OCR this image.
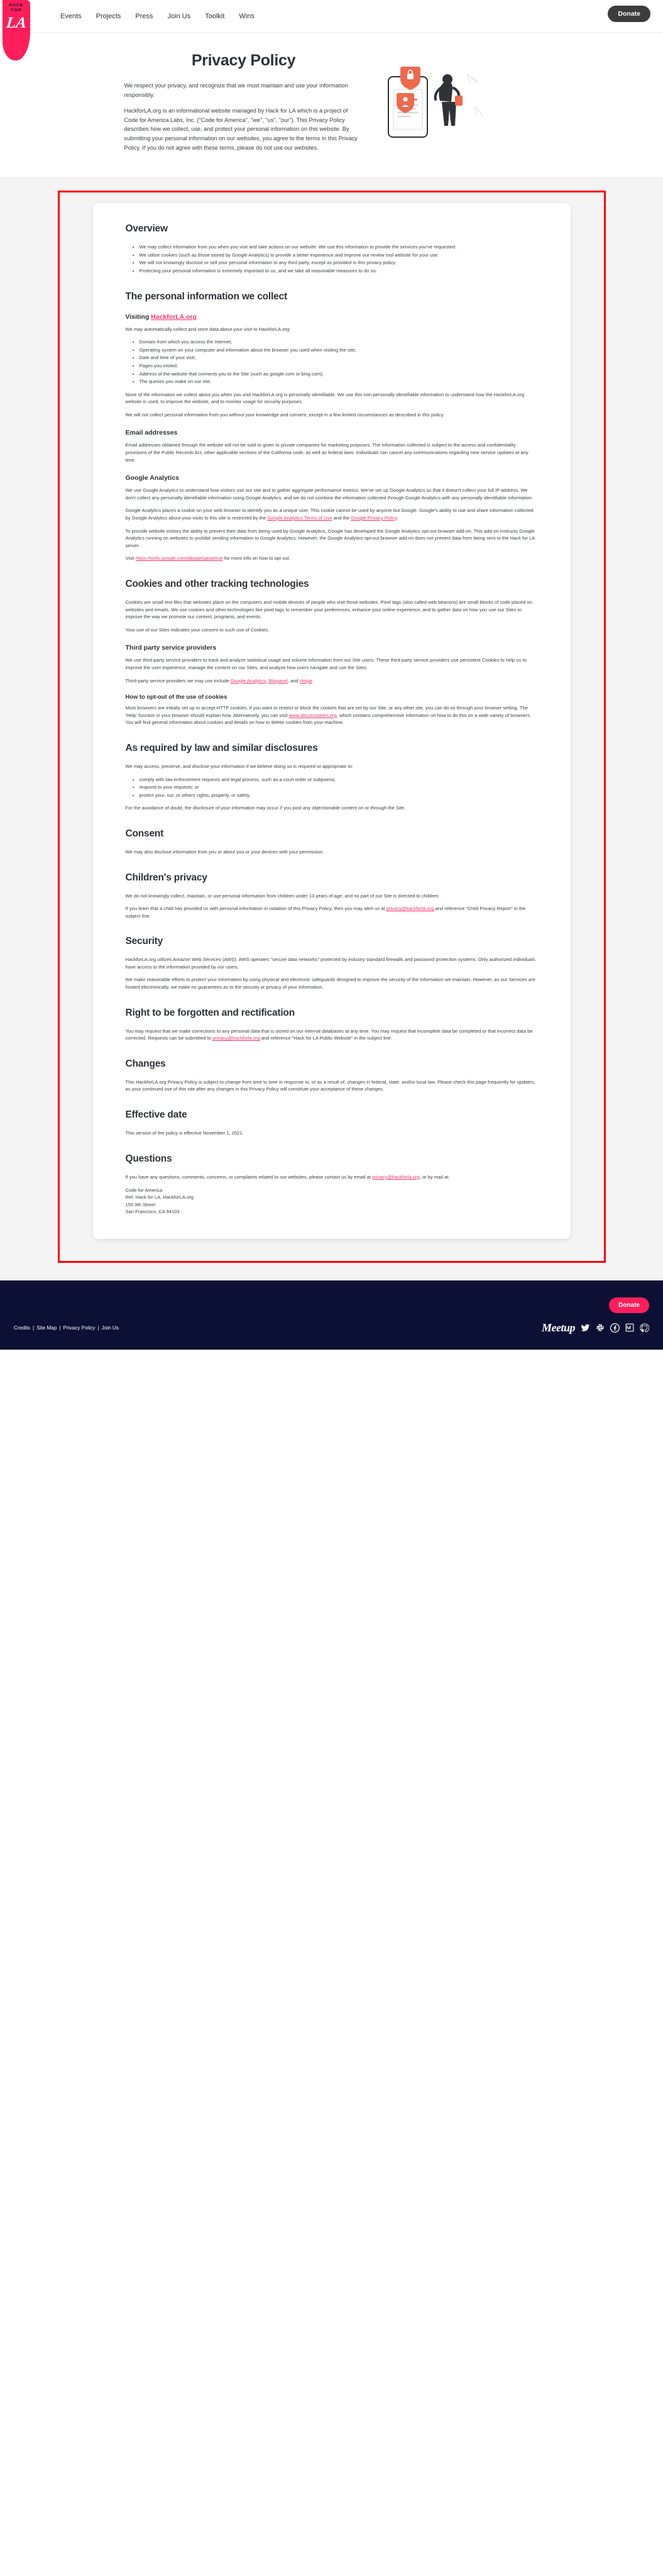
HACK
FOR
LA	Events Projects Press Join Us Toolkit Wins	Donate
Privacy Policy

We respect your privacy, and recognize that we must maintain and use your information responsibly.

HackforLA.org is an informational website managed by Hack for LA which is a project of Code for America Labs, Inc. ("Code for America", "we", "us", "our"). This Privacy Policy describes how we collect, use, and protect your personal information on this website. By submitting your personal information on our websites, you agree to the terms in this Privacy Policy. If you do not agree with these terms, please do not use our websites.

Overview
• We may collect information from you when you visit and take actions on our website. We use this information to provide the services you've requested.
• We utilize cookies (such as those stored by Google Analytics) to provide a better experience and improve our review tool website for your use.
• We will not knowingly disclose or sell your personal information to any third party, except as provided in this privacy policy.
• Protecting your personal information is extremely important to us, and we take all reasonable measures to do so.
The personal information we collect
Visiting HackforLA.org

We may automatically collect and store data about your visit to HackforLA.org:

• Domain from which you access the Internet;
• Operating system on your computer and information about the browser you used when visiting the site;
• Date and time of your visit;
• Pages you visited;
• Address of the website that connects you to the Site (such as google.com or bing.com);
• The queries you make on our site.

None of the information we collect about you when you visit HackforLA.org is personally identifiable. We use this non-personally identifiable information to understand how the HackforLA.org website is used, to improve the website, and to monitor usage for security purposes.

We will not collect personal information from you without your knowledge and consent, except in a few limited circumstances as described in this policy.

Email addresses

Email addresses obtained through the website will not be sold or given to private companies for marketing purposes. The information collected is subject to the access and confidentiality provisions of the Public Records Act, other applicable sections of the California code, as well as federal laws. Individuals can cancel any communications regarding new service updates at any time.

Google Analytics

We use Google Analytics to understand how visitors use our site and to gather aggregate performance metrics. We've set up Google Analytics so that it doesn't collect your full IP address. We don't collect any personally identifiable information using Google Analytics, and we do not combine the information collected through Google Analytics with any personally identifiable information.

Google Analytics places a cookie on your web browser to identify you as a unique user. This cookie cannot be used by anyone but Google. Google's ability to use and share information collected by Google Analytics about your visits to this site is restricted by the Google Analytics Terms of Use and the Google Privacy Policy.

To provide website visitors the ability to prevent their data from being used by Google Analytics, Google has developed the Google Analytics opt-out browser add-on. This add-on instructs Google Analytics running on websites to prohibit sending information to Google Analytics. However, the Google Analytics opt-out browser add-on does not prevent data from being sent to the Hack for LA server.

Visit https://tools.google.com/dlpage/gaoptout/ for more info on how to opt out.

Cookies and other tracking technologies

Cookies are small text files that websites place on the computers and mobile devices of people who visit those websites. Pixel tags (also called web beacons) are small blocks of code placed on websites and emails. We use cookies and other technologies like pixel tags to remember your preferences, enhance your online experience, and to gather data on how you use our Sites to improve the way we promote our content, programs, and events.

Your use of our Sites indicates your consent to such use of Cookies.

Third party service providers

We use third-party service providers to track and analyze statistical usage and volume information from our Site users. These third-party service providers use persistent Cookies to help us to improve the user experience, manage the content on our Sites, and analyze how users navigate and use the Sites.

Third-party service providers we may use include Google Analytics, Mixpanel, and Hotjar.

How to opt-out of the use of cookies

Most browsers are initially set up to accept HTTP cookies. If you want to restrict or block the cookies that are set by our Site, or any other site, you can do so through your browser setting. The 'Help' function in your browser should explain how. Alternatively, you can visit www.aboutcookies.org, which contains comprehensive information on how to do this on a wide variety of browsers. You will find general information about cookies and details on how to delete cookies from your machine.

As required by law and similar disclosures

We may access, preserve, and disclose your information if we believe doing so is required or appropriate to:

• comply with law enforcement requests and legal process, such as a court order or subpoena;
• respond to your requests; or
• protect your, our, or others' rights, property, or safety.

For the avoidance of doubt, the disclosure of your information may occur if you post any objectionable content on or through the Site.

Consent

We may also disclose information from you or about you or your devices with your permission.

Children's privacy

We do not knowingly collect, maintain, or use personal information from children under 13 years of age, and no part of our Site is directed to children.

If you learn that a child has provided us with personal information in violation of this Privacy Policy, then you may alert us at privacy@hackforla.org and reference “Child Privacy Report” in the subject line.

Security

HackforLA.org utilizes Amazon Web Services (AWS). AWS operates "secure data networks" protected by industry standard firewalls and password protection systems. Only authorized individuals have access to the information provided by our users.

We make reasonable efforts to protect your information by using physical and electronic safeguards designed to improve the security of the information we maintain. However, as our Services are hosted electronically, we make no guarantees as to the security or privacy of your information.

Right to be forgotten and rectification

You may request that we make corrections to any personal data that is stored on our internal databases at any time. You may request that incomplete data be completed or that incorrect data be corrected. Requests can be submitted to privacy@hackforla.org and reference “Hack for LA Public Website” in the subject line.

Changes

This HackforLA.org Privacy Policy is subject to change from time to time in response to, or as a result of, changes in federal, state, and/or local law. Please check this page frequently for updates, as your continued use of this site after any changes in this Privacy Policy will constitute your acceptance of these changes.

Effective date

This version of the policy is effective November 1, 2021.

Questions

If you have any questions, comments, concerns, or complaints related to our websites, please contact us by email at privacy@hackforla.org, or by mail at:

Code for America
Ref. Hack for LA, HackforLA.org
155 9th Street
San Francisco, CA 94103
Donate
Credits | Site Map | Privacy Policy | Join Us	Meetup
